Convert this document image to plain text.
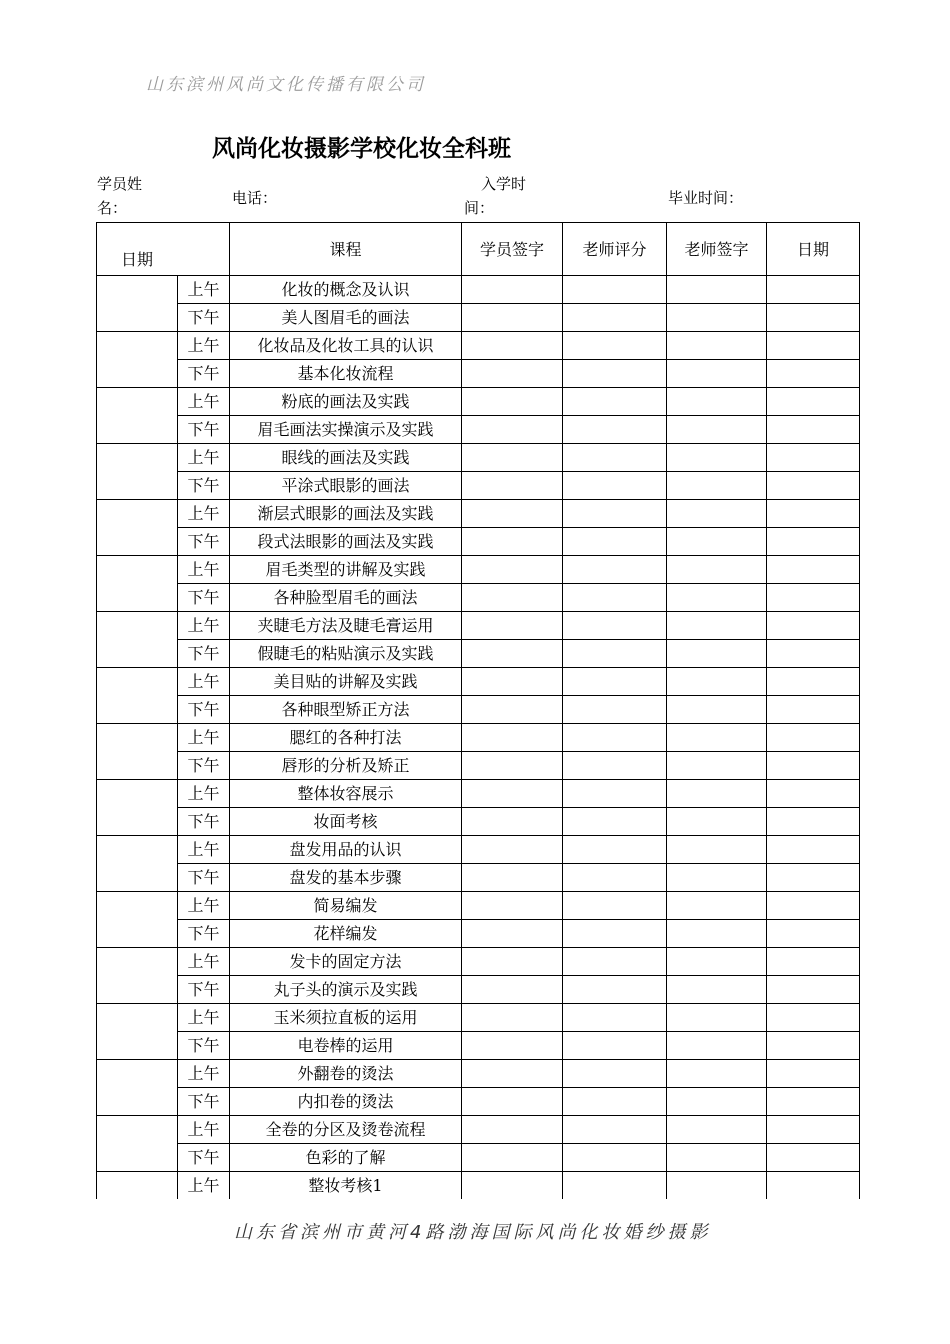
山东滨州风尚文化传播有限公司
风尚化妆摄影学校化妆全科班
学员姓
名：
电话：
入学时
间：
毕业时间：
日期		课程	学员签字	老师评分	老师签字	日期
	上午	化妆的概念及认识				
	下午	美人图眉毛的画法				
	上午	化妆品及化妆工具的认识				
	下午	基本化妆流程				
	上午	粉底的画法及实践				
	下午	眉毛画法实操演示及实践				
	上午	眼线的画法及实践				
	下午	平涂式眼影的画法				
	上午	渐层式眼影的画法及实践				
	下午	段式法眼影的画法及实践				
	上午	眉毛类型的讲解及实践				
	下午	各种脸型眉毛的画法				
	上午	夹睫毛方法及睫毛膏运用				
	下午	假睫毛的粘贴演示及实践				
	上午	美目贴的讲解及实践				
	下午	各种眼型矫正方法				
	上午	腮红的各种打法				
	下午	唇形的分析及矫正				
	上午	整体妆容展示				
	下午	妆面考核				
	上午	盘发用品的认识				
	下午	盘发的基本步骤				
	上午	简易编发				
	下午	花样编发				
	上午	发卡的固定方法				
	下午	丸子头的演示及实践				
	上午	玉米须拉直板的运用				
	下午	电卷棒的运用				
	上午	外翻卷的烫法				
	下午	内扣卷的烫法				
	上午	全卷的分区及烫卷流程				
	下午	色彩的了解				
	上午	整妆考核1				
山东省滨州市黄河4路渤海国际风尚化妆婚纱摄影
